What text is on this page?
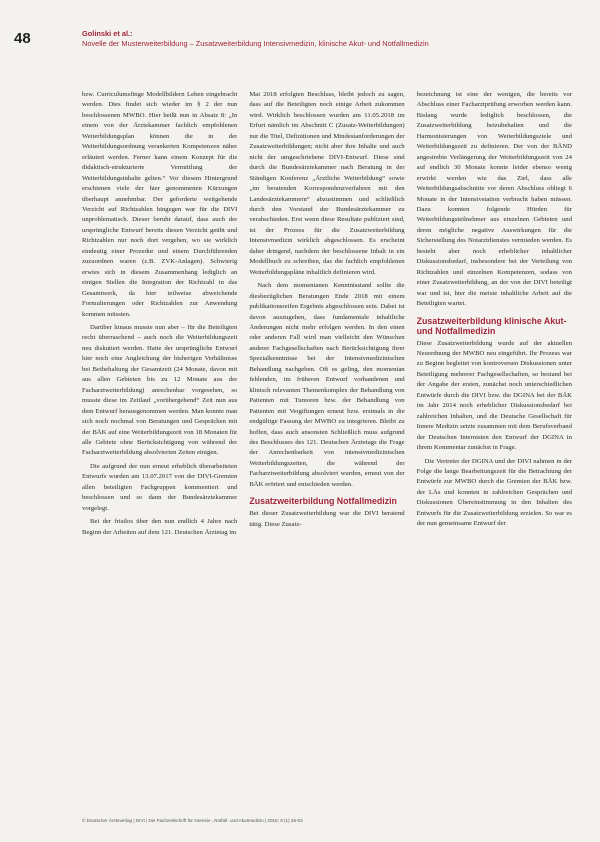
48	Golinski et al.:
Novelle der Musterweiterbildung – Zusatzweiterbildung Intensivmedizin, klinische Akut- und Notfallmedizin

bzw. Curriculumsfinge Modellbildern Leben eingebracht werden. Dies findet sich wieder im § 2 der nun beschlossenen MWBO. Hier heißt nun in Absatz 8: „In einem von der Ärztekammer fachlich empfohlenen Weiterbildungsplan können die in der Weiterbildungsordnung verankerten Kompetenzen näher erläutert werden. Ferner kann einem Konzept für die didaktisch-strukturierte Vermittlung der Weiterbildungsinhalte gelten.“ Vor diesem Hintergrund erschienen viele der hier genommenen Kürzungen überhaupt annehmbar. Der geforderte weitgehende Verzicht auf Richtzahlen hingegen war für die DIVI unproblematisch. Dieser beruht darauf, dass auch der ursprüngliche Entwurf bereits diesen Verzicht geübt und Richtzahlen nur noch dort vergeben, wo sie wirklich eindeutig einer Prozedur und einem Durchführenden zuzuordnen waren (z.B. ZVK-Anlagen). Schwierig erwies sich in diesem Zusammenhang lediglich an einigen Stellen die Integration der Richtzahl in das Gesamtwerk, da hier teilweise abweichende Formulierungen oder Richtzahlen zur Anwendung kommen müssten.

Darüber hinaus musste nun aber – für die Beteiligten recht überraschend – auch noch die Weiterbildungszeit neu diskutiert werden. Hatte der ursprüngliche Entwurf hier noch eine Angleichung der bisherigen Verhältnisse bei Beibehaltung der Gesamtzeit (24 Monate, davon mit aus allen Gebieten bis zu 12 Monate aus der Facharztweiterbildung) anrechenbar vorgesehen, so musste diese im Zeitlauf „vorübergehend“ Zeit nun aus dem Entwurf herausgenommen werden. Man konnte man sich noch nochmal von Beratungen und Gesprächen mit der BÄK auf eine Weiterbildungszeit von 18 Monaten für alle Gebiete ohne Berücksichtigung von während der Facharztweiterbildung absolvierten Zeiten einigen.

Die aufgrund der nun erneut erheblich überarbeiteten Entwurfs wurden am 13.07.2017 von der DIVI-Gremien allen beteiligten Fachgruppen kommentiert und beschlossen und so dann der Bundesärztekammer vorgelegt.

Bei der fristlos über den nun endlich 4 Jahre nach Beginn der Arbeiten auf dem 121. Deutschen Ärztetag im

Mai 2018 erfolgten Beschluss, bleibt jedoch zu sagen, dass auf die Beteiligten noch einige Arbeit zukommen wird. Wirklich beschlossen wurden am 11.05.2018 im Erfurt nämlich im Abschnitt C (Zusatz-Weiterbildungen) nur die Titel, Definitionen und Mindestanforderungen der Zusatzweiterbildungen; nicht aber ihre Inhalte und auch nicht der umgeschriebene DIVI-Entwurf. Diese sind durch die Bundesärztekammer nach Beratung in der Ständigen Konferenz „Ärztliche Weiterbildung“ sowie „im beratenden Korrespondenzverfahren mit den Landesärztekammern“ abzustimmen und schließlich durch den Vorstand der Bundesärztekammer zu verabschieden. Erst wenn diese Resultate publiziert sind, ist der Prozess für die Zusatzweiterbildung Intensivmedizin wirklich abgeschlossen. Es erscheint daher dringend, nachdem der beschlossene Inhalt in ein Modellbuch zu schreiben, das die fachlich empfohlenen Weiterbildungspläne inhaltlich definieren wird.

Nach dem momentanen Kenntnisstand sollte die diesbezüglichen Beratungen Ende 2018 mit einem publikationsreifen Ergebnis abgeschlossen sein. Dabei ist davon auszugehen, dass fundamentale inhaltliche Änderungen nicht mehr erfolgen werden. In den einen oder anderen Fall wird man vielleicht den Wünschen anderer Fachgesellschaften nach Berücksichtigung ihrer Spezialkenntnisse bei der Intensivmedizinischen Behandlung nachgeben. Oft es geling, den momentan fehlenden, im früheren Entwurf vorhandenen und klinisch relevanten Themenkomplex der Behandlung von Patienten mit Tumoren bzw. der Behandlung von Patienten mit Vergiftungen erneut bzw. erstmals in die endgültige Fassung der MWBO zu integrieren. Bleibt zu hoffen, dass auch ansonsten Schließlich muss aufgrund des Beschlusses des 121. Deutschen Ärztetags die Frage der Anrechenbarkeit von intensivmedizinischen Weiterbildungszeiten, die während der Facharztweiterbildung absolviert wurden, erneut von der BÄK erörtert und entschieden werden.

Zusatzweiterbildung Notfallmedizin

Bei dieser Zusatzweiterbildung war die DIVI beratend tätig. Diese Zusatz-

bezeichnung ist eine der wenigen, die bereits vor Abschluss einer Facharztprüfung erworben werden kann. Bislang wurde lediglich beschlossen, die Zusatzweiterbildung beizubehalten und die Harmonisierungen von Weiterbildungsziele und Weiterbildungszeit zu definieren. Der von der BÄND angestrebte Verlängerung der Weiterbildungszeit von 24 auf endlich 30 Monate konnte leider ebenso wenig erwirkt werden wie das Ziel, dass alle Weiterbildungsabschnitte vor deren Abschluss obliegt 6 Monate in der Intensivstation verbracht haben müssen. Dazu konnten folgende Hürden für Weiterbildungsteilnehmer aus einzelnen Gebieten und deren mögliche negative Auswirkungen für die Sicherstellung des Notarztdienstes vermieden werden. Es besteht aber noch erheblicher inhaltlicher Diskussionsbedarf, insbesondere bei der Verteilung von Richtzahlen und einzelnen Kompetenzen, sodass von einer Zusatzweiterbildung, an der von der DIVI beteiligt war und ist, hier die meiste inhaltliche Arbeit auf die Beteiligten wartet.

Zusatzweiterbildung klinische Akut- und Notfallmedizin

Diese Zusatzweiterbildung wurde auf der aktuellen Neuordnung der MWBO neu eingeführt. Ihr Prozess war zu Beginn begleitet von kontroversen Diskussionen unter Beteiligung mehrerer Fachgesellschaften, so bestand bei der Angabe der ersten, zunächst noch unterschiedlichen Entwürfe durch die DIVI bzw. die DGINA bei der BÄK im Jahr 2014 noch erheblicher Diskussionsbedarf bei zahlreichen Inhalten, und die Deutsche Gesellschaft für Innere Medizin setzte zusammen mit dem Berufsverband der Deutschen Internisten den Entwurf der DGINA in ihrem Kommentar zunächst in Frage.

Die Vertreter der DGINA und der DIVI nahmen in der Folge die lange Bearbeitungszeit für die Betrachtung der Entwürfe zur MWBO durch die Gremien der BÄK bzw. der LÄs und konnten in zahlreichen Gesprächen und Diskussionen Übereinstimmung in den Inhalten des Entwurfs für die Zusatzweiterbildung erzielen. So war es der nun gemeinsame Entwurf der

© Deutscher Ärzteverlag | DIVI | Die Fachzeitschrift für Intensiv-, Notfall- und Akutmedizin | 2018; 9 (1) 46-53
